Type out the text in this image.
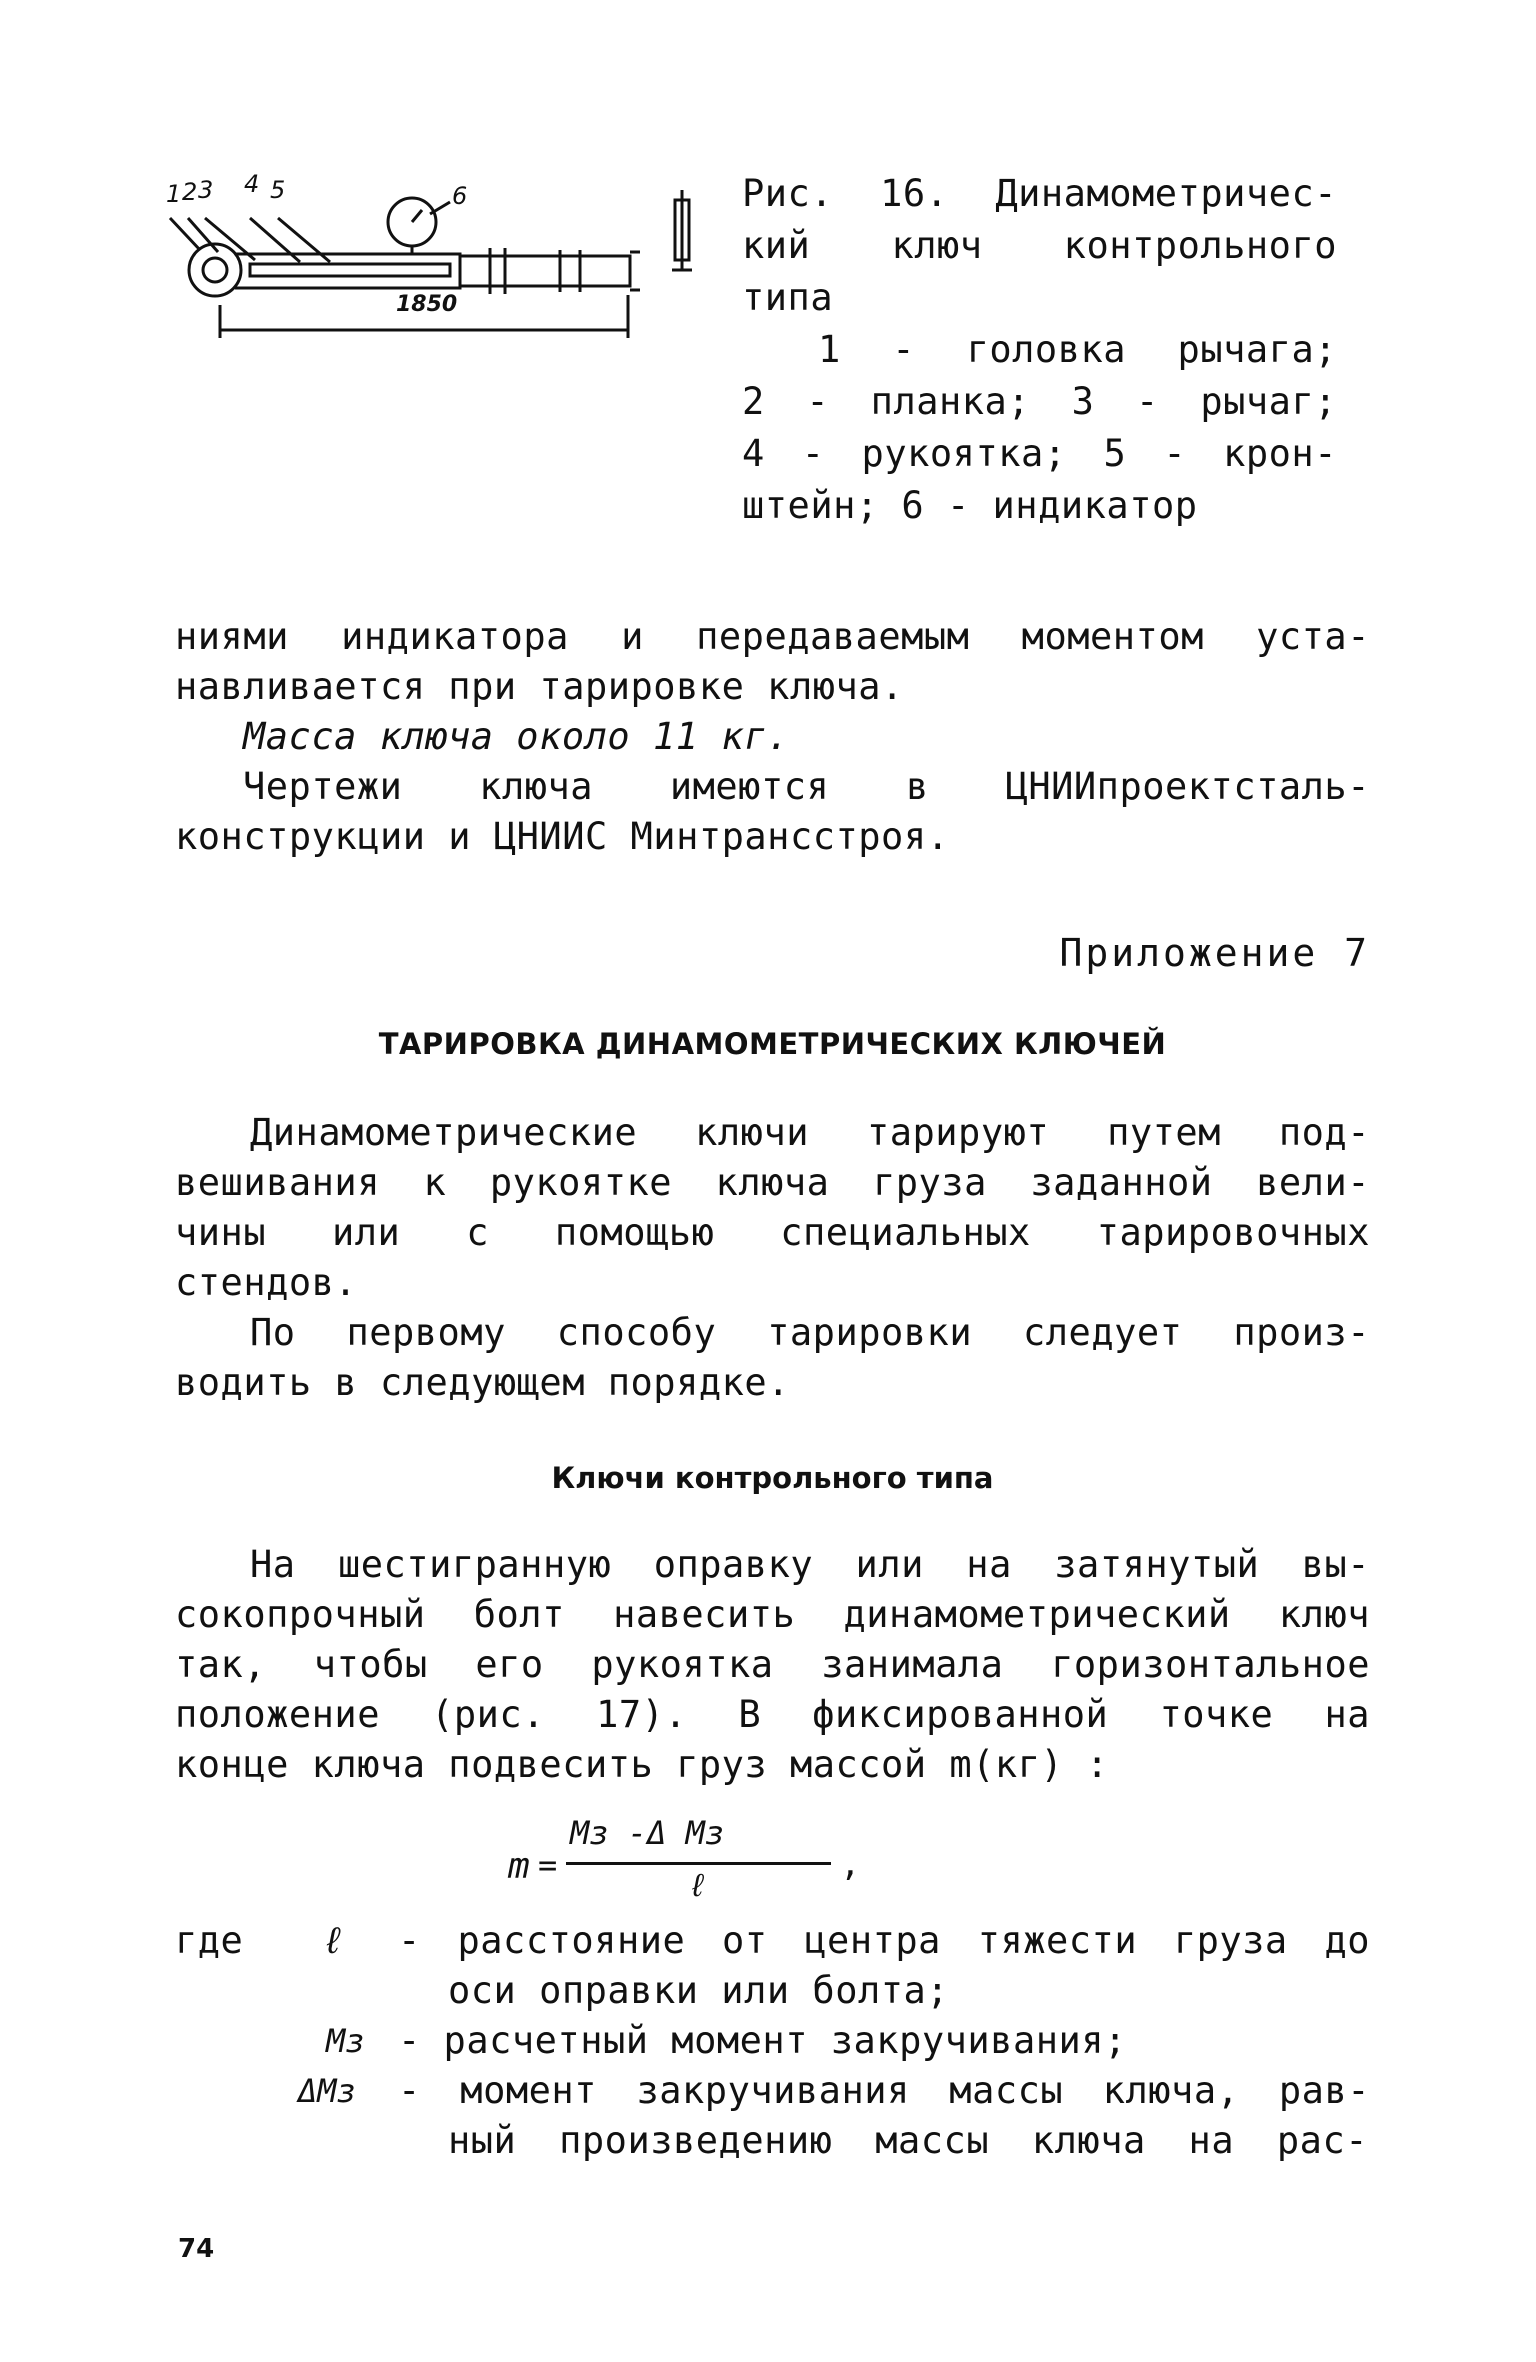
1 2 3 4 5	6
1850
Рис. 16. Динамометричес-
кий ключ контрольного
типа
1 - головка рычага;
2 - планка; 3 - рычаг;
4 - рукоятка; 5 - крон-
штейн; 6 - индикатор
ниями индикатора и передаваемым моментом уста-
навливается при тарировке ключа.
Масса ключа около 11 кг.
Чертежи ключа имеются в ЦНИИпроектсталь-
конструкции и ЦНИИС Минтрансстроя.
Приложение 7
ТАРИРОВКА ДИНАМОМЕТРИЧЕСКИХ КЛЮЧЕЙ
Динамометрические ключи тарируют путем под-
вешивания к рукоятке ключа груза заданной вели-
чины или с помощью специальных тарировочных
стендов.
По первому способу тарировки следует произ-
водить в следующем порядке.
Ключи контрольного типа
На шестигранную оправку или на затянутый вы-
сокопрочный болт навесить динамометрический ключ
так, чтобы его рукоятка занимала горизонтальное
положение (рис. 17). В фиксированной точке на
конце ключа подвесить груз массой m(кг) :
m =
Mз -Δ Mз
ℓ
,
где ℓ - расстояние от центра тяжести груза до
оси оправки или болта;
Mз - расчетный момент закручивания;
ΔMз - момент закручивания массы ключа, рав-
ный произведению массы ключа на рас-
74
